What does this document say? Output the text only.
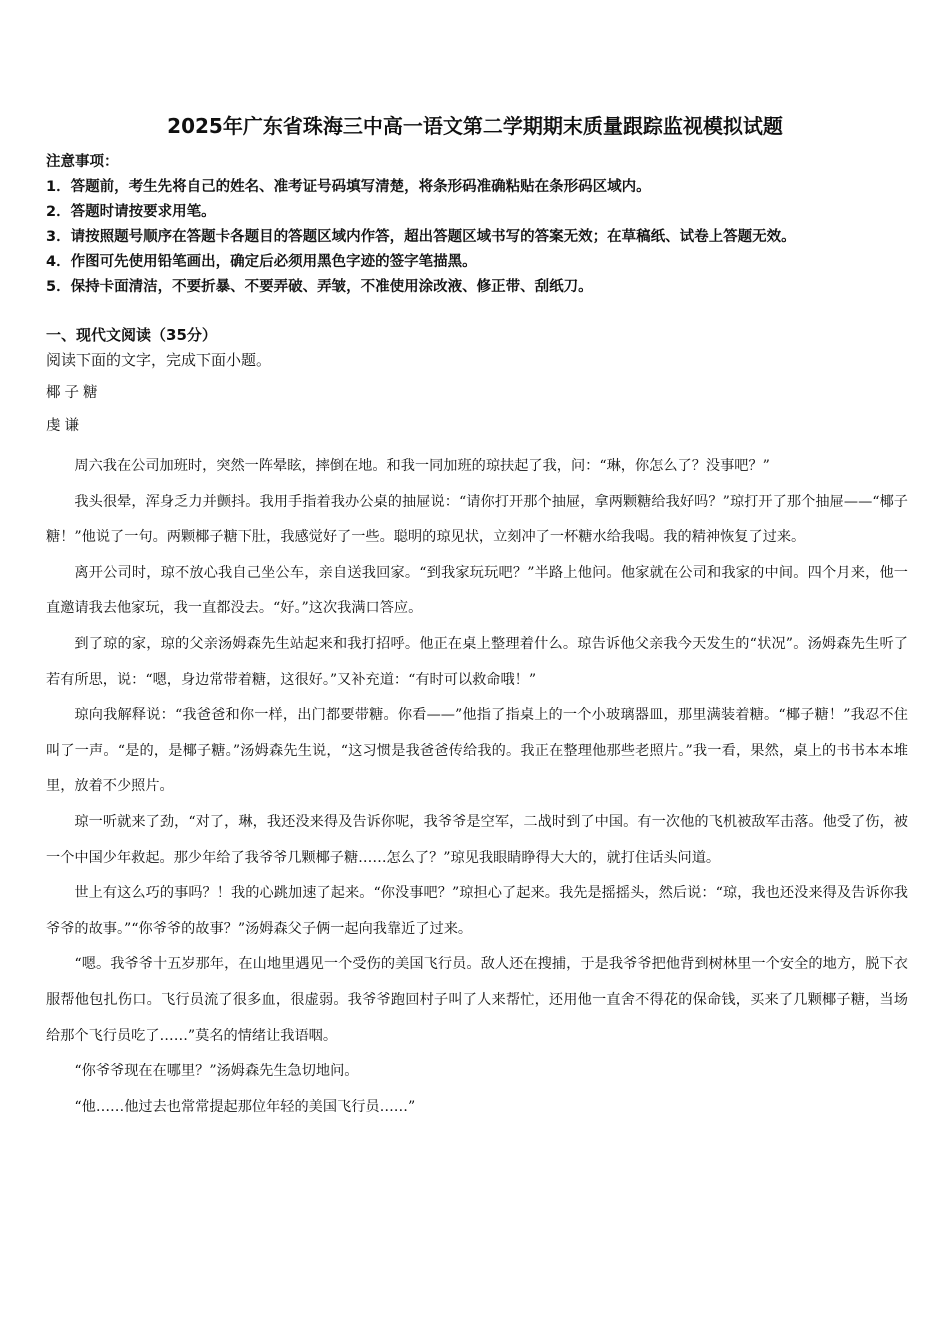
2025年广东省珠海三中高一语文第二学期期末质量跟踪监视模拟试题
注意事项：
1．答题前，考生先将自己的姓名、准考证号码填写清楚，将条形码准确粘贴在条形码区域内。
2．答题时请按要求用笔。
3．请按照题号顺序在答题卡各题目的答题区域内作答，超出答题区域书写的答案无效；在草稿纸、试卷上答题无效。
4．作图可先使用铅笔画出，确定后必须用黑色字迹的签字笔描黑。
5．保持卡面清洁，不要折暴、不要弄破、弄皱，不准使用涂改液、修正带、刮纸刀。
一、现代文阅读（35分）
阅读下面的文字，完成下面小题。
椰子糖
虔谦

周六我在公司加班时，突然一阵晕眩，摔倒在地。和我一同加班的琼扶起了我，问：“琳，你怎么了？没事吧？”

我头很晕，浑身乏力并颤抖。我用手指着我办公桌的抽屉说：“请你打开那个抽屉，拿两颗糖给我好吗？”琼打开了那个抽屉——“椰子糖！”他说了一句。两颗椰子糖下肚，我感觉好了一些。聪明的琼见状，立刻冲了一杯糖水给我喝。我的精神恢复了过来。

离开公司时，琼不放心我自己坐公车，亲自送我回家。“到我家玩玩吧？”半路上他问。他家就在公司和我家的中间。四个月来，他一直邀请我去他家玩，我一直都没去。“好。”这次我满口答应。

到了琼的家，琼的父亲汤姆森先生站起来和我打招呼。他正在桌上整理着什么。琼告诉他父亲我今天发生的“状况”。汤姆森先生听了若有所思，说：“嗯，身边常带着糖，这很好。”又补充道：“有时可以救命哦！”

琼向我解释说：“我爸爸和你一样，出门都要带糖。你看——”他指了指桌上的一个小玻璃器皿，那里满装着糖。“椰子糖！”我忍不住叫了一声。“是的，是椰子糖。”汤姆森先生说，“这习惯是我爸爸传给我的。我正在整理他那些老照片。”我一看，果然，桌上的书书本本堆里，放着不少照片。

琼一听就来了劲，“对了，琳，我还没来得及告诉你呢，我爷爷是空军，二战时到了中国。有一次他的飞机被敌军击落。他受了伤，被一个中国少年救起。那少年给了我爷爷几颗椰子糖……怎么了？”琼见我眼睛睁得大大的，就打住话头问道。

世上有这么巧的事吗？！我的心跳加速了起来。“你没事吧？”琼担心了起来。我先是摇摇头，然后说：“琼，我也还没来得及告诉你我爷爷的故事。”“你爷爷的故事？”汤姆森父子俩一起向我靠近了过来。

“嗯。我爷爷十五岁那年，在山地里遇见一个受伤的美国飞行员。敌人还在搜捕，于是我爷爷把他背到树林里一个安全的地方，脱下衣服帮他包扎伤口。飞行员流了很多血，很虚弱。我爷爷跑回村子叫了人来帮忙，还用他一直舍不得花的保命钱，买来了几颗椰子糖，当场给那个飞行员吃了……”莫名的情绪让我语咽。

“你爷爷现在在哪里？”汤姆森先生急切地问。

“他……他过去也常常提起那位年轻的美国飞行员……”
